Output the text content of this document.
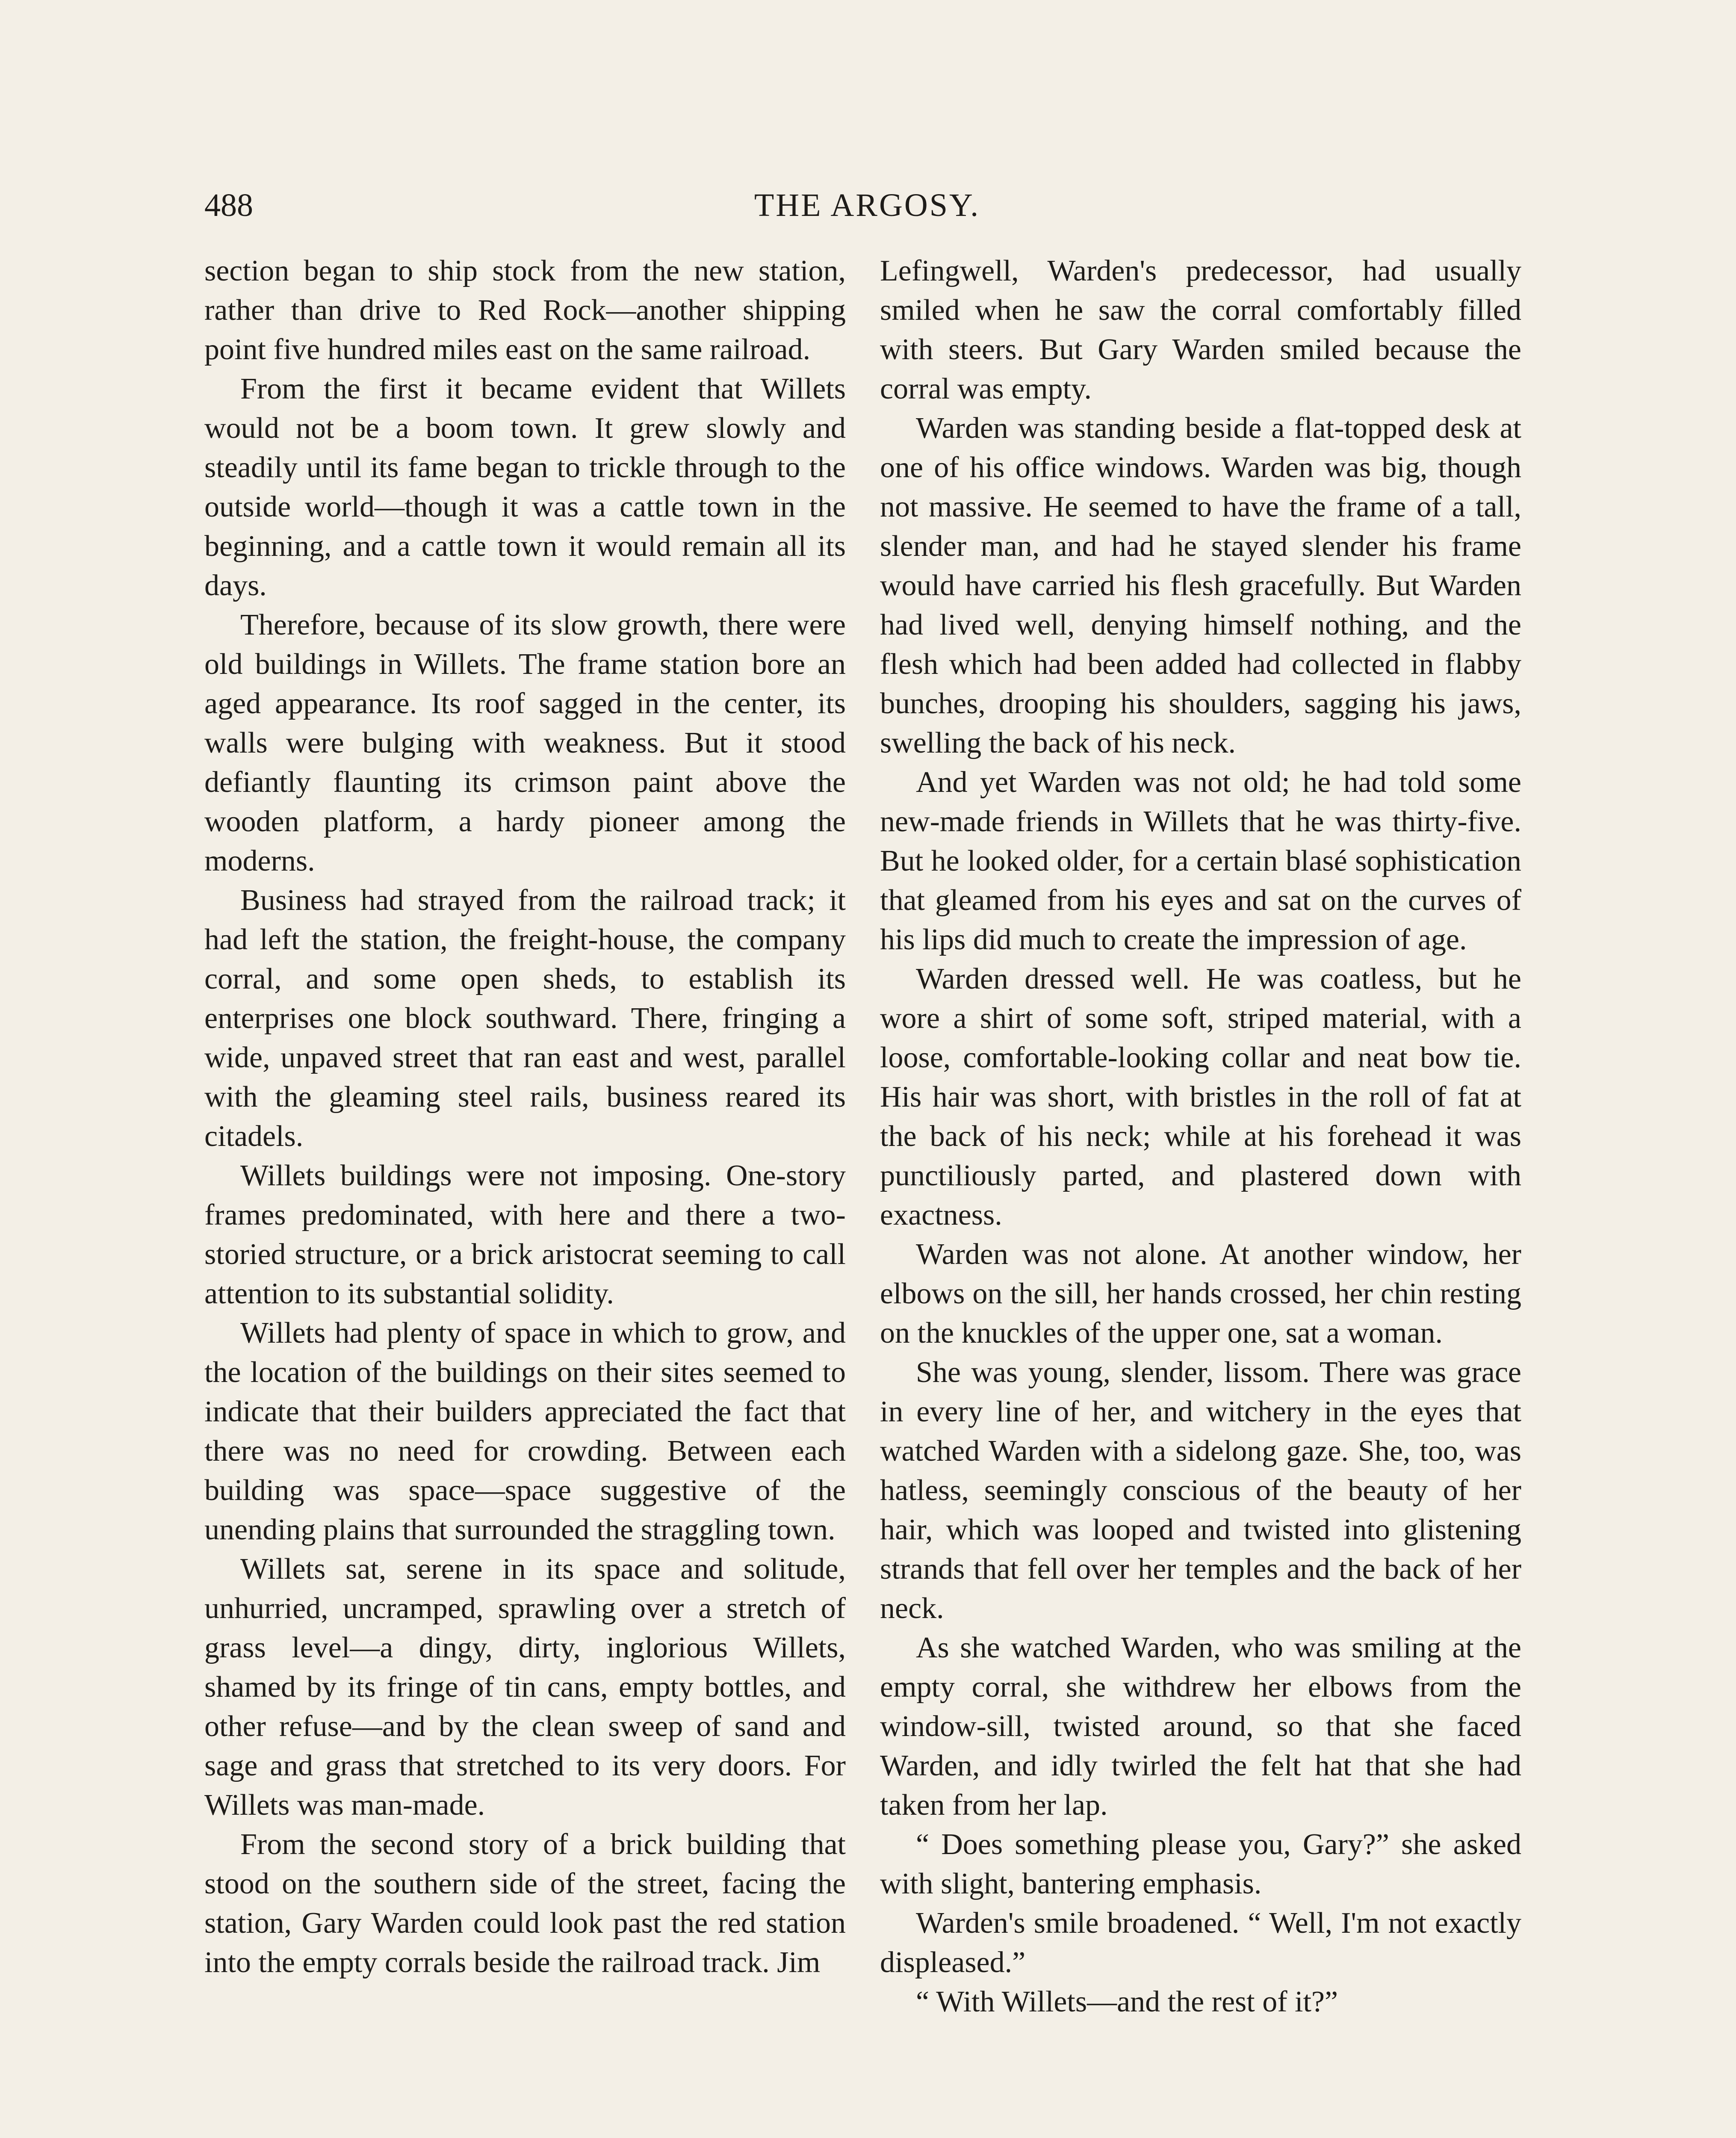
488	THE ARGOSY.

section began to ship stock from the new station, rather than drive to Red Rock—another shipping point five hundred miles east on the same railroad.

From the first it became evident that Willets would not be a boom town. It grew slowly and steadily until its fame began to trickle through to the outside world—though it was a cattle town in the beginning, and a cattle town it would remain all its days.

Therefore, because of its slow growth, there were old buildings in Willets. The frame station bore an aged appearance. Its roof sagged in the center, its walls were bulging with weakness. But it stood defiantly flaunting its crimson paint above the wooden platform, a hardy pioneer among the moderns.

Business had strayed from the railroad track; it had left the station, the freight-house, the company corral, and some open sheds, to establish its enterprises one block southward. There, fringing a wide, unpaved street that ran east and west, parallel with the gleaming steel rails, business reared its citadels.

Willets buildings were not imposing. One-story frames predominated, with here and there a two-storied structure, or a brick aristocrat seeming to call attention to its substantial solidity.

Willets had plenty of space in which to grow, and the location of the buildings on their sites seemed to indicate that their builders appreciated the fact that there was no need for crowding. Between each building was space—space suggestive of the unending plains that surrounded the straggling town.

Willets sat, serene in its space and solitude, unhurried, uncramped, sprawling over a stretch of grass level—a dingy, dirty, inglorious Willets, shamed by its fringe of tin cans, empty bottles, and other refuse—and by the clean sweep of sand and sage and grass that stretched to its very doors. For Willets was man-made.

From the second story of a brick building that stood on the southern side of the street, facing the station, Gary Warden could look past the red station into the empty corrals beside the railroad track. Jim

Lefingwell, Warden's predecessor, had usually smiled when he saw the corral comfortably filled with steers. But Gary Warden smiled because the corral was empty.

Warden was standing beside a flat-topped desk at one of his office windows. Warden was big, though not massive. He seemed to have the frame of a tall, slender man, and had he stayed slender his frame would have carried his flesh gracefully. But Warden had lived well, denying himself nothing, and the flesh which had been added had collected in flabby bunches, drooping his shoulders, sagging his jaws, swelling the back of his neck.

And yet Warden was not old; he had told some new-made friends in Willets that he was thirty-five. But he looked older, for a certain blasé sophistication that gleamed from his eyes and sat on the curves of his lips did much to create the impression of age.

Warden dressed well. He was coatless, but he wore a shirt of some soft, striped material, with a loose, comfortable-looking collar and neat bow tie. His hair was short, with bristles in the roll of fat at the back of his neck; while at his forehead it was punctiliously parted, and plastered down with exactness.

Warden was not alone. At another window, her elbows on the sill, her hands crossed, her chin resting on the knuckles of the upper one, sat a woman.

She was young, slender, lissom. There was grace in every line of her, and witchery in the eyes that watched Warden with a sidelong gaze. She, too, was hatless, seemingly conscious of the beauty of her hair, which was looped and twisted into glistening strands that fell over her temples and the back of her neck.

As she watched Warden, who was smiling at the empty corral, she withdrew her elbows from the window-sill, twisted around, so that she faced Warden, and idly twirled the felt hat that she had taken from her lap.

“ Does something please you, Gary?” she asked with slight, bantering emphasis.

Warden's smile broadened. “ Well, I'm not exactly displeased.”

“ With Willets—and the rest of it?”
